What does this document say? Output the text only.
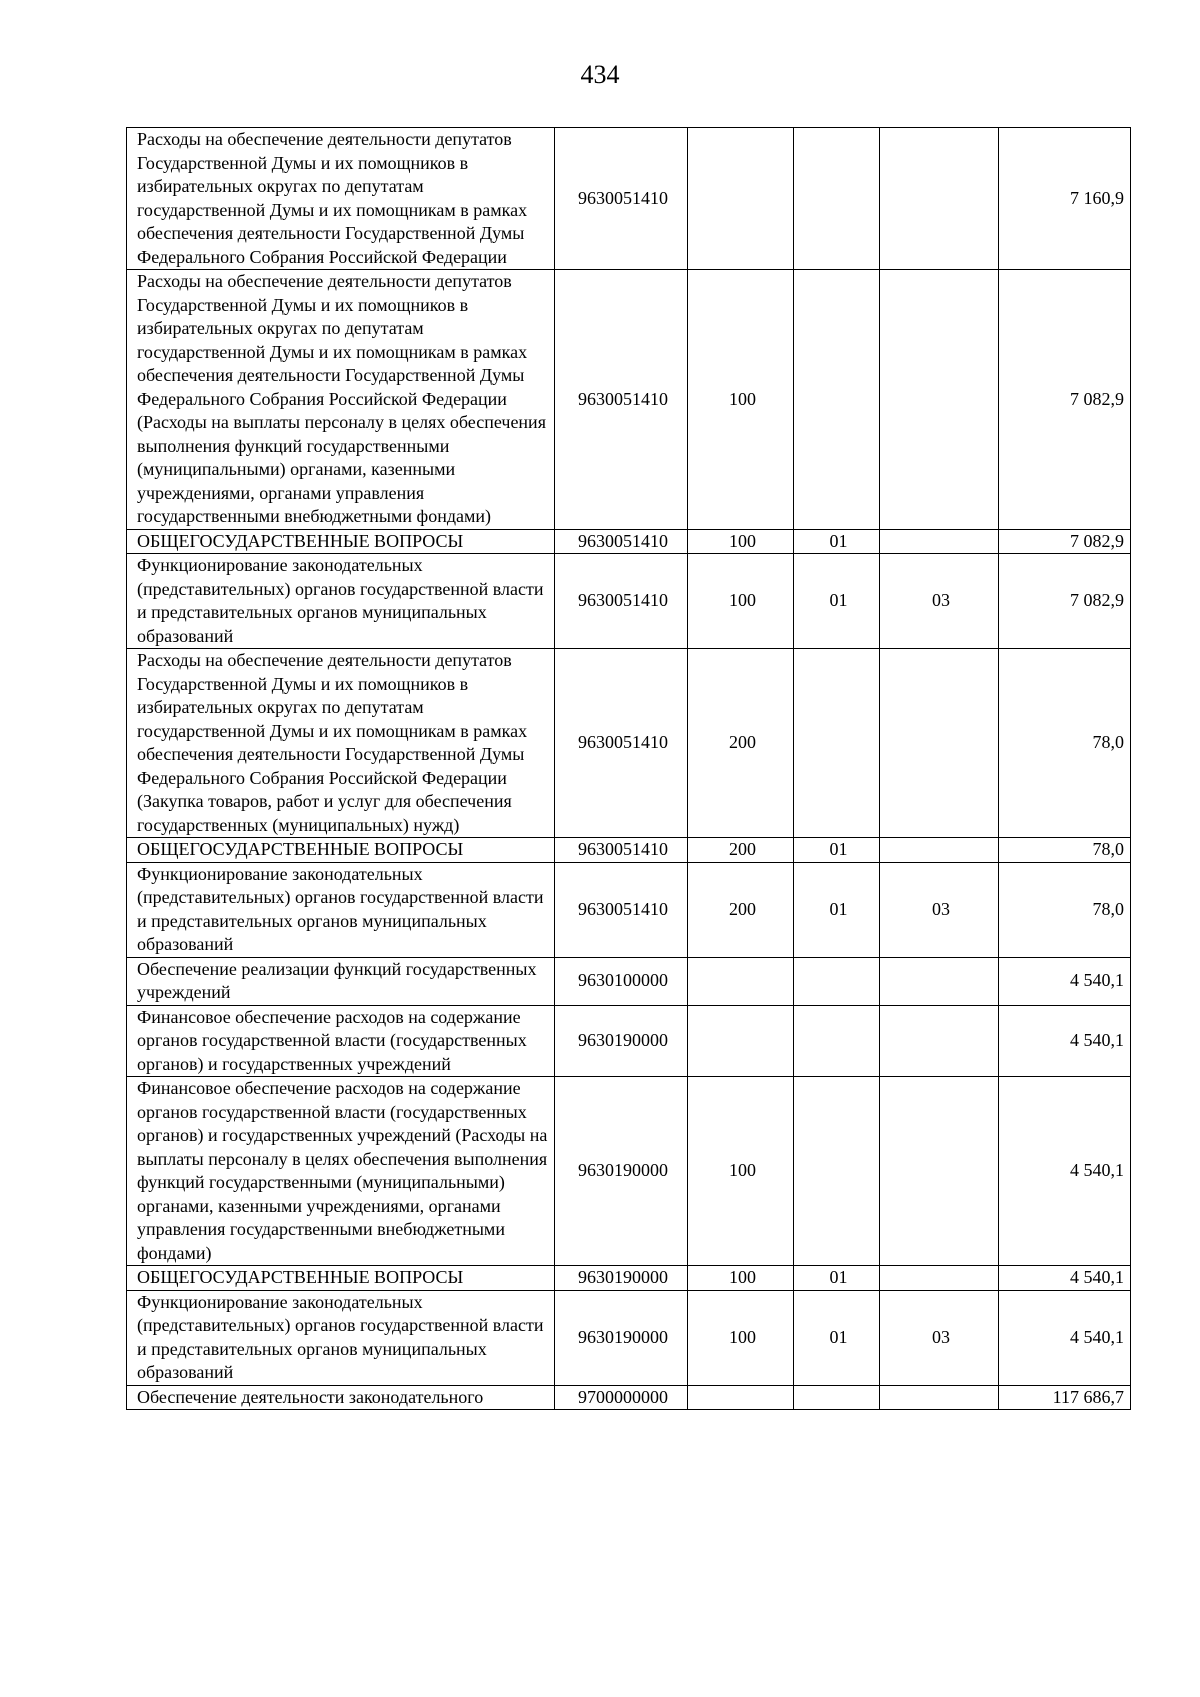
434
Расходы на обеспечение деятельности депутатов Государственной Думы и их помощников в избирательных округах по депутатам государственной Думы и их помощникам в рамках обеспечения деятельности Государственной Думы Федерального Собрания Российской Федерации	9630051410				7 160,9
Расходы на обеспечение деятельности депутатов Государственной Думы и их помощников в избирательных округах по депутатам государственной Думы и их помощникам в рамках обеспечения деятельности Государственной Думы Федерального Собрания Российской Федерации (Расходы на выплаты персоналу в целях обеспечения выполнения функций государственными (муниципальными) органами, казенными учреждениями, органами управления государственными внебюджетными фондами)	9630051410	100			7 082,9
ОБЩЕГОСУДАРСТВЕННЫЕ ВОПРОСЫ	9630051410	100	01		7 082,9
Функционирование законодательных (представительных) органов государственной власти и представительных органов муниципальных образований	9630051410	100	01	03	7 082,9
Расходы на обеспечение деятельности депутатов Государственной Думы и их помощников в избирательных округах по депутатам государственной Думы и их помощникам в рамках обеспечения деятельности Государственной Думы Федерального Собрания Российской Федерации (Закупка товаров, работ и услуг для обеспечения государственных (муниципальных) нужд)	9630051410	200			78,0
ОБЩЕГОСУДАРСТВЕННЫЕ ВОПРОСЫ	9630051410	200	01		78,0
Функционирование законодательных (представительных) органов государственной власти и представительных органов муниципальных образований	9630051410	200	01	03	78,0
Обеспечение реализации функций государственных учреждений	9630100000				4 540,1
Финансовое обеспечение расходов на содержание органов государственной власти (государственных органов) и государственных учреждений	9630190000				4 540,1
Финансовое обеспечение расходов на содержание органов государственной власти (государственных органов) и государственных учреждений (Расходы на выплаты персоналу в целях обеспечения выполнения функций государственными (муниципальными) органами, казенными учреждениями, органами управления государственными внебюджетными фондами)	9630190000	100			4 540,1
ОБЩЕГОСУДАРСТВЕННЫЕ ВОПРОСЫ	9630190000	100	01		4 540,1
Функционирование законодательных (представительных) органов государственной власти и представительных органов муниципальных образований	9630190000	100	01	03	4 540,1
Обеспечение деятельности законодательного	9700000000				117 686,7
